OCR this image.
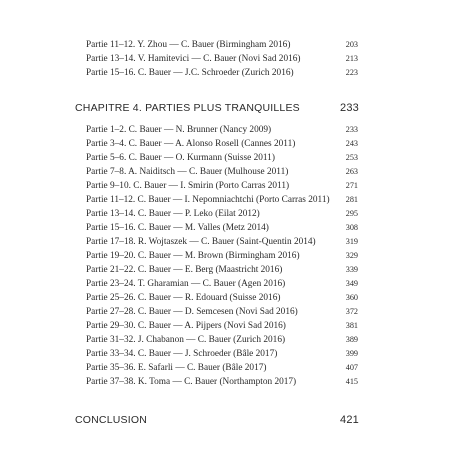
Partie 11–12. Y. Zhou — C. Bauer (Birmingham 2016)	203
Partie 13–14. V. Hamitevici — C. Bauer (Novi Sad 2016)	213
Partie 15–16. C. Bauer — J.C. Schroeder (Zurich 2016)	223
CHAPITRE 4. PARTIES PLUS TRANQUILLES	233
Partie 1–2. C. Bauer — N. Brunner (Nancy 2009)	233
Partie 3–4. C. Bauer — A. Alonso Rosell (Cannes 2011)	243
Partie 5–6. C. Bauer — O. Kurmann (Suisse 2011)	253
Partie 7–8. A. Naiditsch — C. Bauer (Mulhouse 2011)	263
Partie 9–10. C. Bauer — I. Smirin (Porto Carras 2011)	271
Partie 11–12. C. Bauer — I. Nepomniachtchi (Porto Carras 2011) 281
Partie 13–14. C. Bauer — P. Leko (Eilat 2012)	295
Partie 15–16. C. Bauer — M. Valles (Metz 2014)	308
Partie 17–18. R. Wojtaszek — C. Bauer (Saint-Quentin 2014)	319
Partie 19–20. C. Bauer — M. Brown (Birmingham 2016)	329
Partie 21–22. C. Bauer — E. Berg (Maastricht 2016)	339
Partie 23–24. T. Gharamian — C. Bauer (Agen 2016)	349
Partie 25–26. C. Bauer — R. Edouard (Suisse 2016)	360
Partie 27–28. C. Bauer — D. Semcesen (Novi Sad 2016)	372
Partie 29–30. C. Bauer — A. Pijpers (Novi Sad 2016)	381
Partie 31–32. J. Chabanon — C. Bauer (Zurich 2016)	389
Partie 33–34. C. Bauer — J. Schroeder (Bâle 2017)	399
Partie 35–36. E. Safarli — C. Bauer (Bâle 2017)	407
Partie 37–38. K. Toma — C. Bauer (Northampton 2017)	415
CONCLUSION	421
